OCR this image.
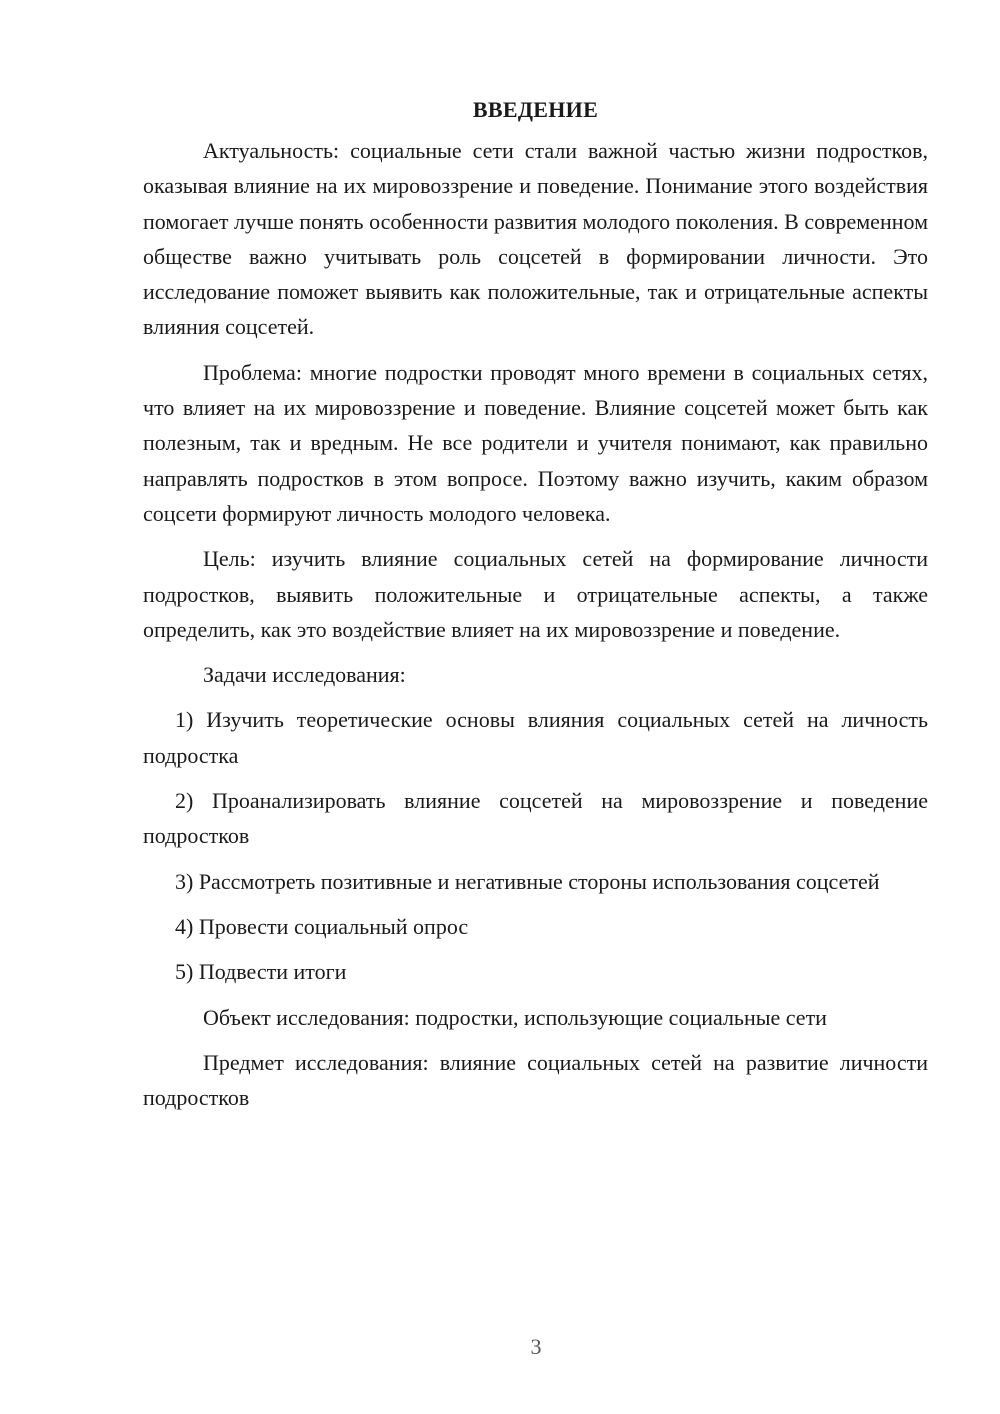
ВВЕДЕНИЕ

Актуальность: социальные сети стали важной частью жизни подростков, оказывая влияние на их мировоззрение и поведение. Понимание этого воздействия помогает лучше понять особенности развития молодого поколения. В современном обществе важно учитывать роль соцсетей в формировании личности. Это исследование поможет выявить как положительные, так и отрицательные аспекты влияния соцсетей.

Проблема: многие подростки проводят много времени в социальных сетях, что влияет на их мировоззрение и поведение. Влияние соцсетей может быть как полезным, так и вредным. Не все родители и учителя понимают, как правильно направлять подростков в этом вопросе. Поэтому важно изучить, каким образом соцсети формируют личность молодого человека.

Цель: изучить влияние социальных сетей на формирование личности подростков, выявить положительные и отрицательные аспекты, а также определить, как это воздействие влияет на их мировоззрение и поведение.

Задачи исследования:

1) Изучить теоретические основы влияния социальных сетей на личность подростка

2) Проанализировать влияние соцсетей на мировоззрение и поведение подростков

3) Рассмотреть позитивные и негативные стороны использования соцсетей

4) Провести социальный опрос

5) Подвести итоги

Объект исследования: подростки, использующие социальные сети

Предмет исследования: влияние социальных сетей на развитие личности подростков

3
